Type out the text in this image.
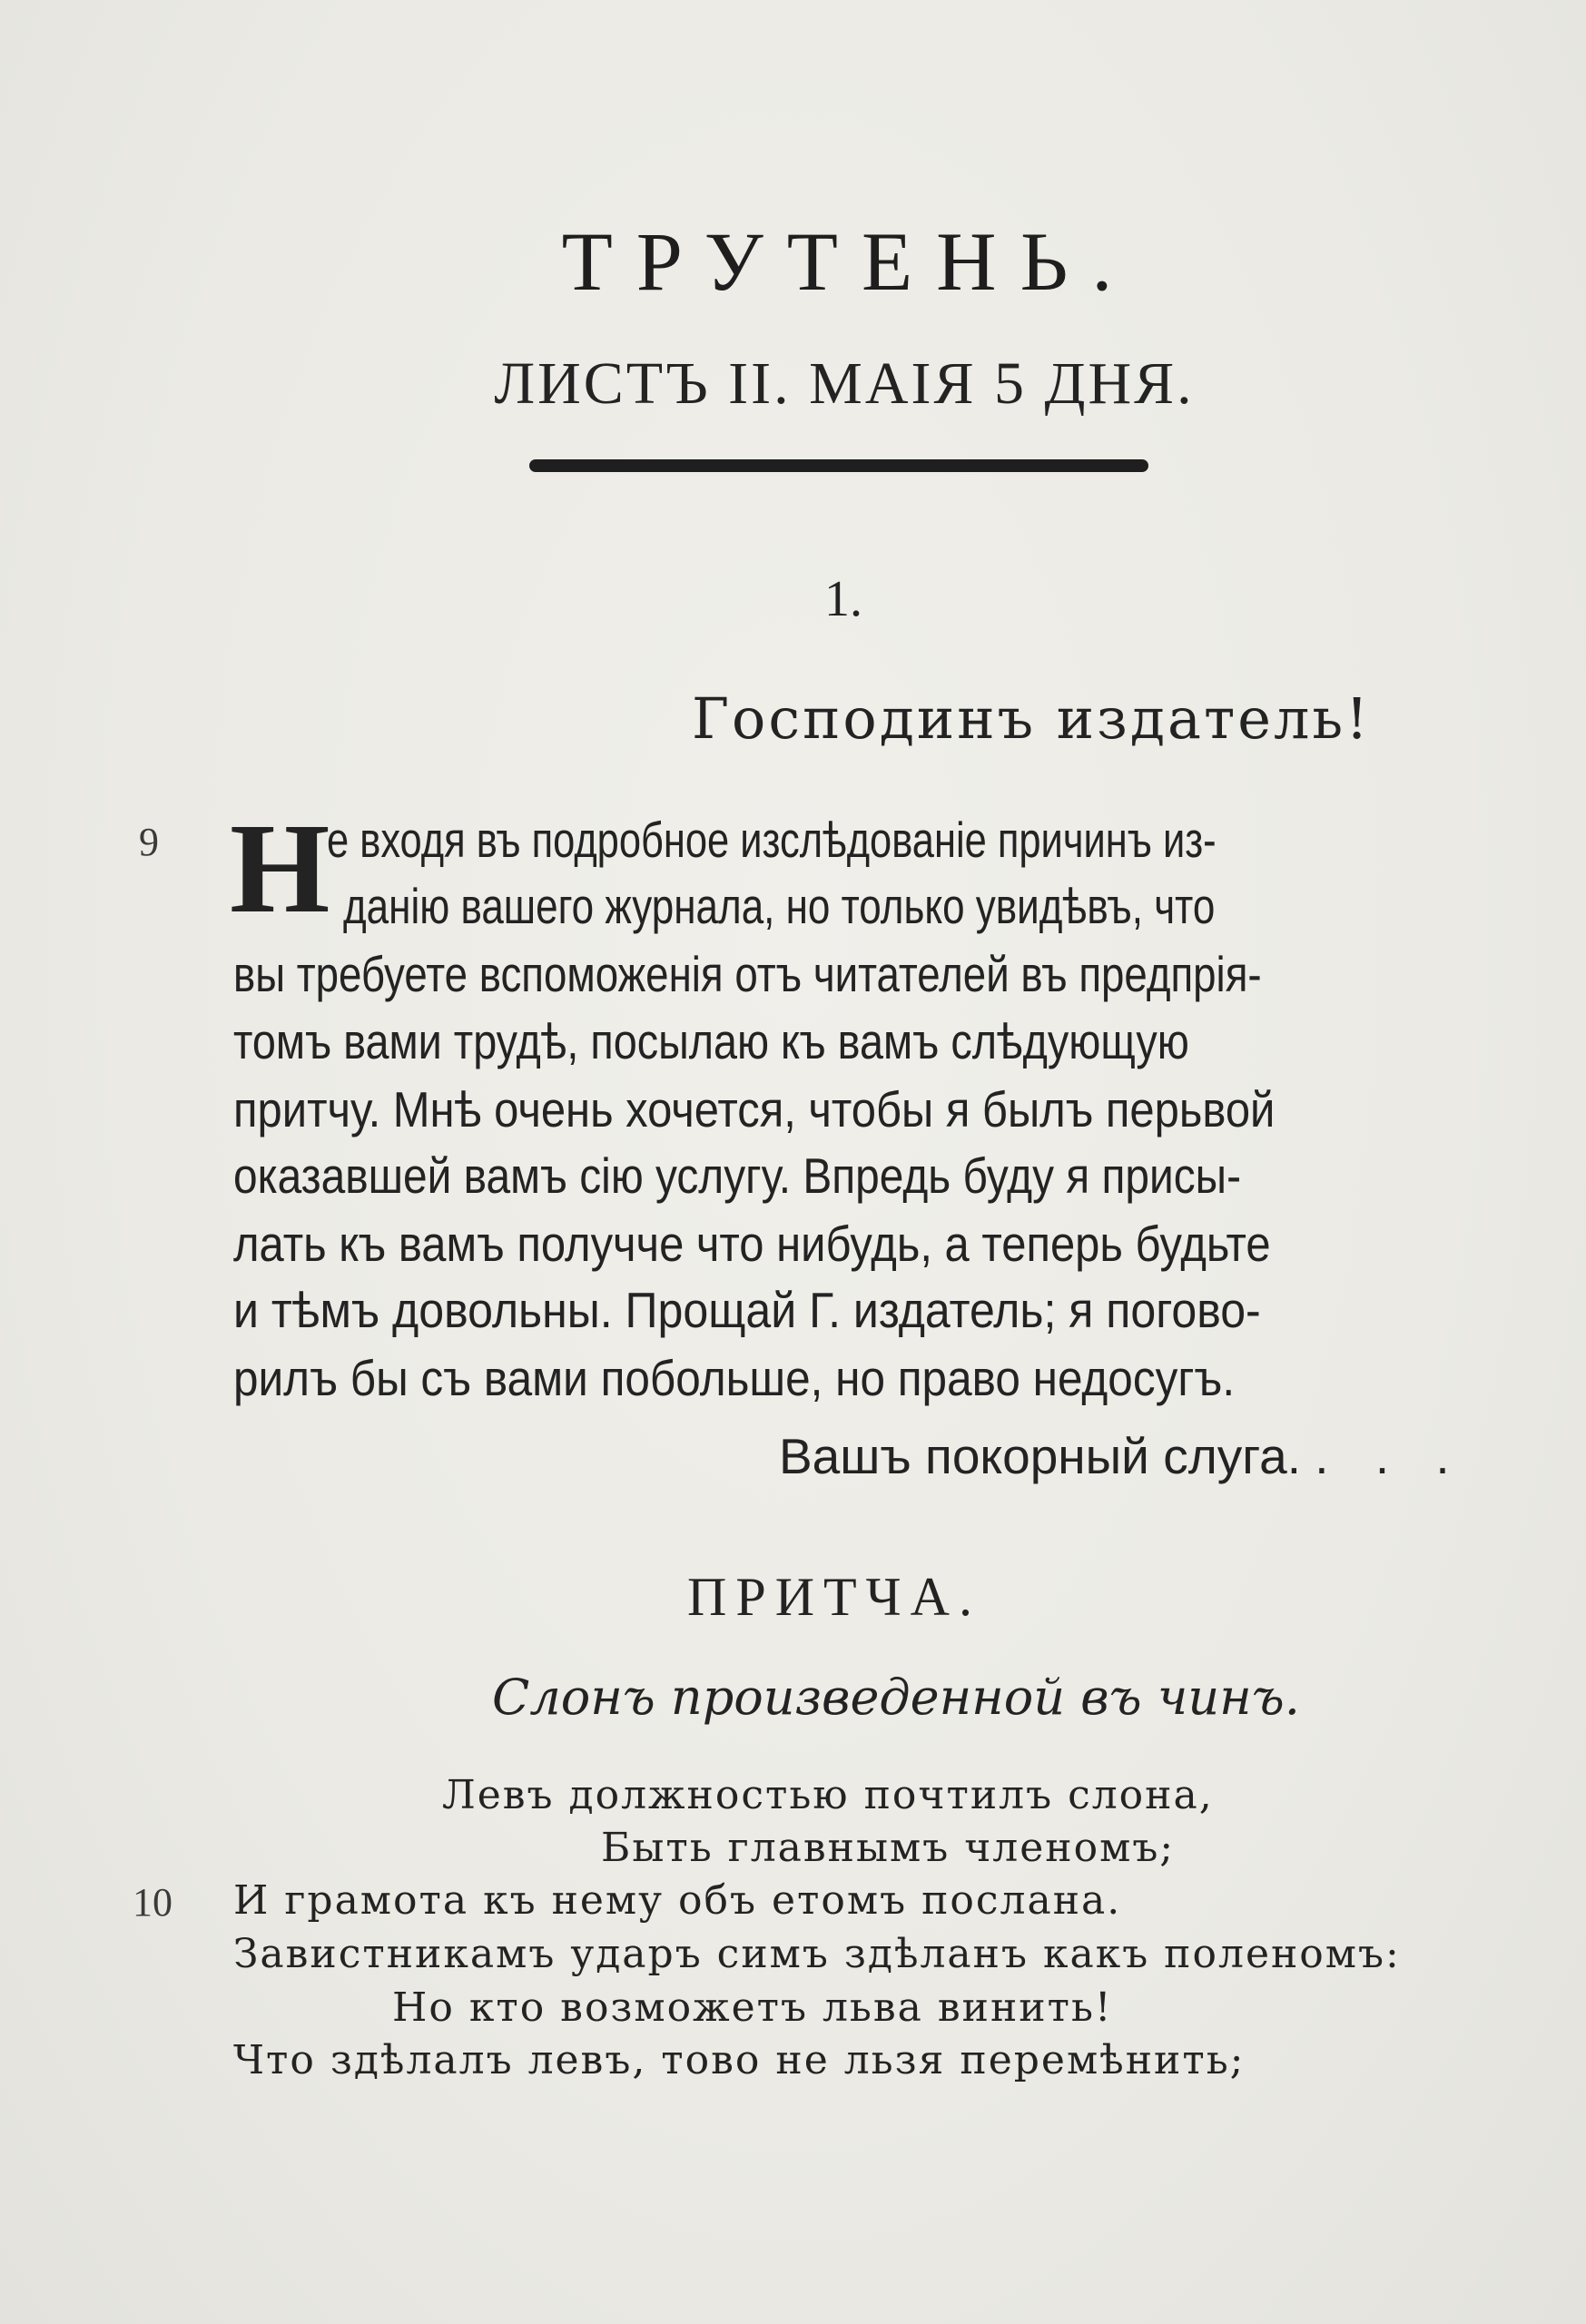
ТРУТЕНЬ.
ЛИСТЪ II. МАІЯ 5 ДНЯ.
1.
Господинъ издатель!
9 Н
е входя въ подробное изслѣдованіе причинъ из-
данію вашего журнала, но только увидѣвъ, что
вы требуете вспоможенія отъ читателей въ предпрія-
томъ вами трудѣ, посылаю къ вамъ слѣдующую
притчу. Мнѣ очень хочется, чтобы я былъ перьвой
оказавшей вамъ сію услугу. Впредь буду я присы-
лать къ вамъ получче что нибудь, а теперь будьте
и тѣмъ довольны. Прощай Г. издатель; я погово-
рилъ бы съ вами побольше, но право недосугъ.
Вашъ покорный слуга. . . .
ПРИТЧА.
Слонъ произведенной въ чинъ.
Левъ должностью почтилъ слона,
Быть главнымъ членомъ;
10 И грамота къ нему объ етомъ послана.
Завистникамъ ударъ симъ здѣланъ какъ поленомъ:
Но кто возможетъ льва винить!
Что здѣлалъ левъ, тово не льзя перемѣнить;
